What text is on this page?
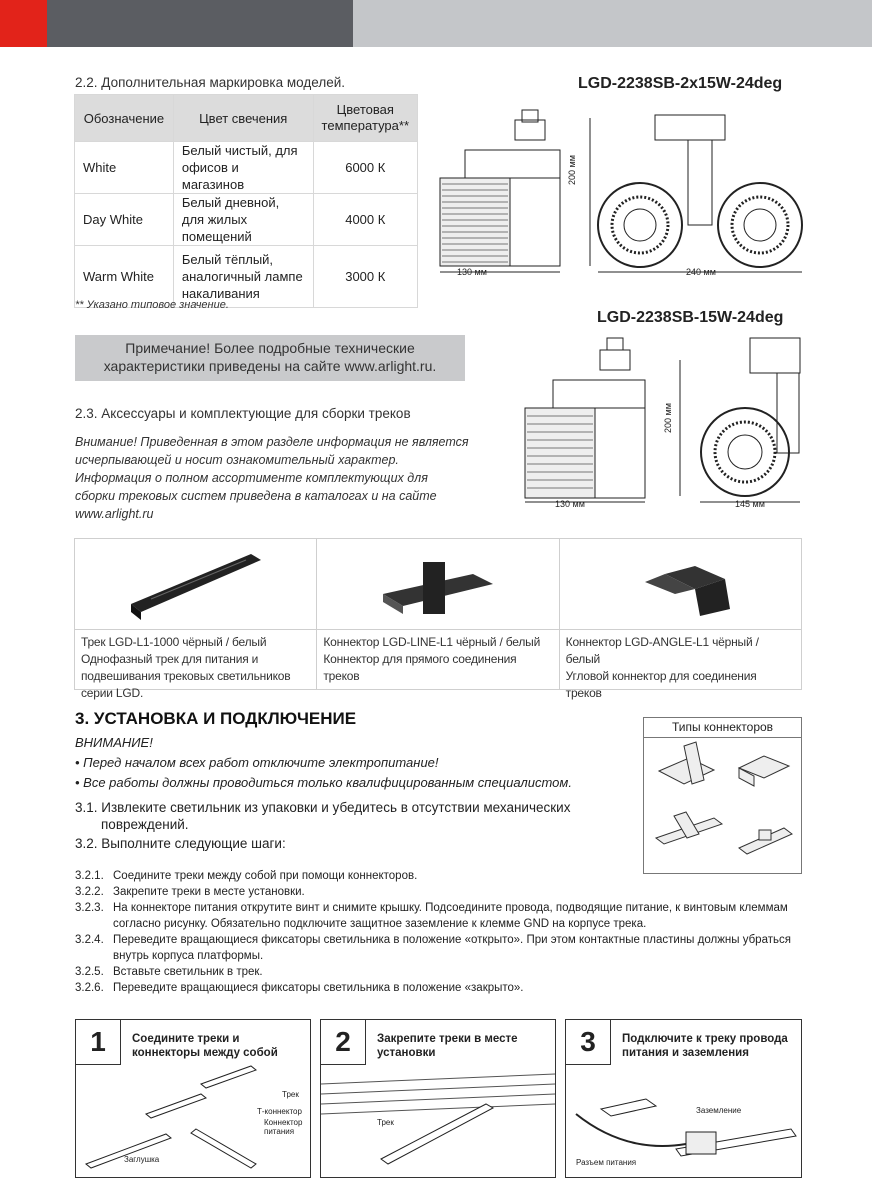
2.2. Дополнительная маркировка моделей.
Обозначение	Цвет свечения	Цветовая температура**
White	Белый чистый, для офисов и магазинов	6000 К
Day White	Белый дневной, для жилых помещений	4000 К
Warm White	Белый тёплый, аналогичный лампе накаливания	3000 К
** Указано типовое значение.
Примечание! Более подробные технические
характеристики приведены на сайте www.arlight.ru.
2.3. Аксессуары и комплектующие для сборки треков
Внимание! Приведенная в этом разделе информация не является исчерпывающей и носит ознакомительный характер. Информация о полном ассортименте комплектующих для сборки трековых систем приведена в каталогах и на сайте www.arlight.ru
LGD-2238SB-2x15W-24deg
130 мм	240 мм
200 мм
LGD-2238SB-15W-24deg
130 мм	145 мм
200 мм
Трек LGD-L1-1000 чёрный / белый
Однофазный трек для питания и подвешивания трековых светильников серии LGD.
Коннектор LGD-LINE-L1 чёрный / белый
Коннектор для прямого соединения треков
Коннектор LGD-ANGLE-L1 чёрный / белый
Угловой коннектор для соединения треков
3. УСТАНОВКА И ПОДКЛЮЧЕНИЕ
ВНИМАНИЕ!
• Перед началом всех работ отключите электропитание!
• Все работы должны проводиться только квалифицированным специалистом.
3.1. Извлеките светильник из упаковки и убедитесь в отсутствии механических
повреждений.
3.2. Выполните следующие шаги:
Типы коннекторов
3.2.1. Соедините треки между собой при помощи коннекторов.
3.2.2. Закрепите треки в месте установки.
3.2.3. На коннекторе питания открутите винт и снимите крышку. Подсоедините провода, подводящие питание, к винтовым клеммам согласно рисунку. Обязательно подключите защитное заземление к клемме GND на корпусе трека.
3.2.4. Переведите вращающиеся фиксаторы светильника в положение «открыто». При этом контактные пластины должны убраться внутрь корпуса платформы.
3.2.5. Вставьте светильник в трек.
3.2.6. Переведите вращающиеся фиксаторы светильника в положение «закрыто».
1	Соедините треки и коннекторы между собой
Трек
Т-коннектор
Коннектор питания
Заглушка
2	Закрепите треки в месте установки
Трек
3	Подключите к треку провода питания и заземления
Заземление
Разъем питания
